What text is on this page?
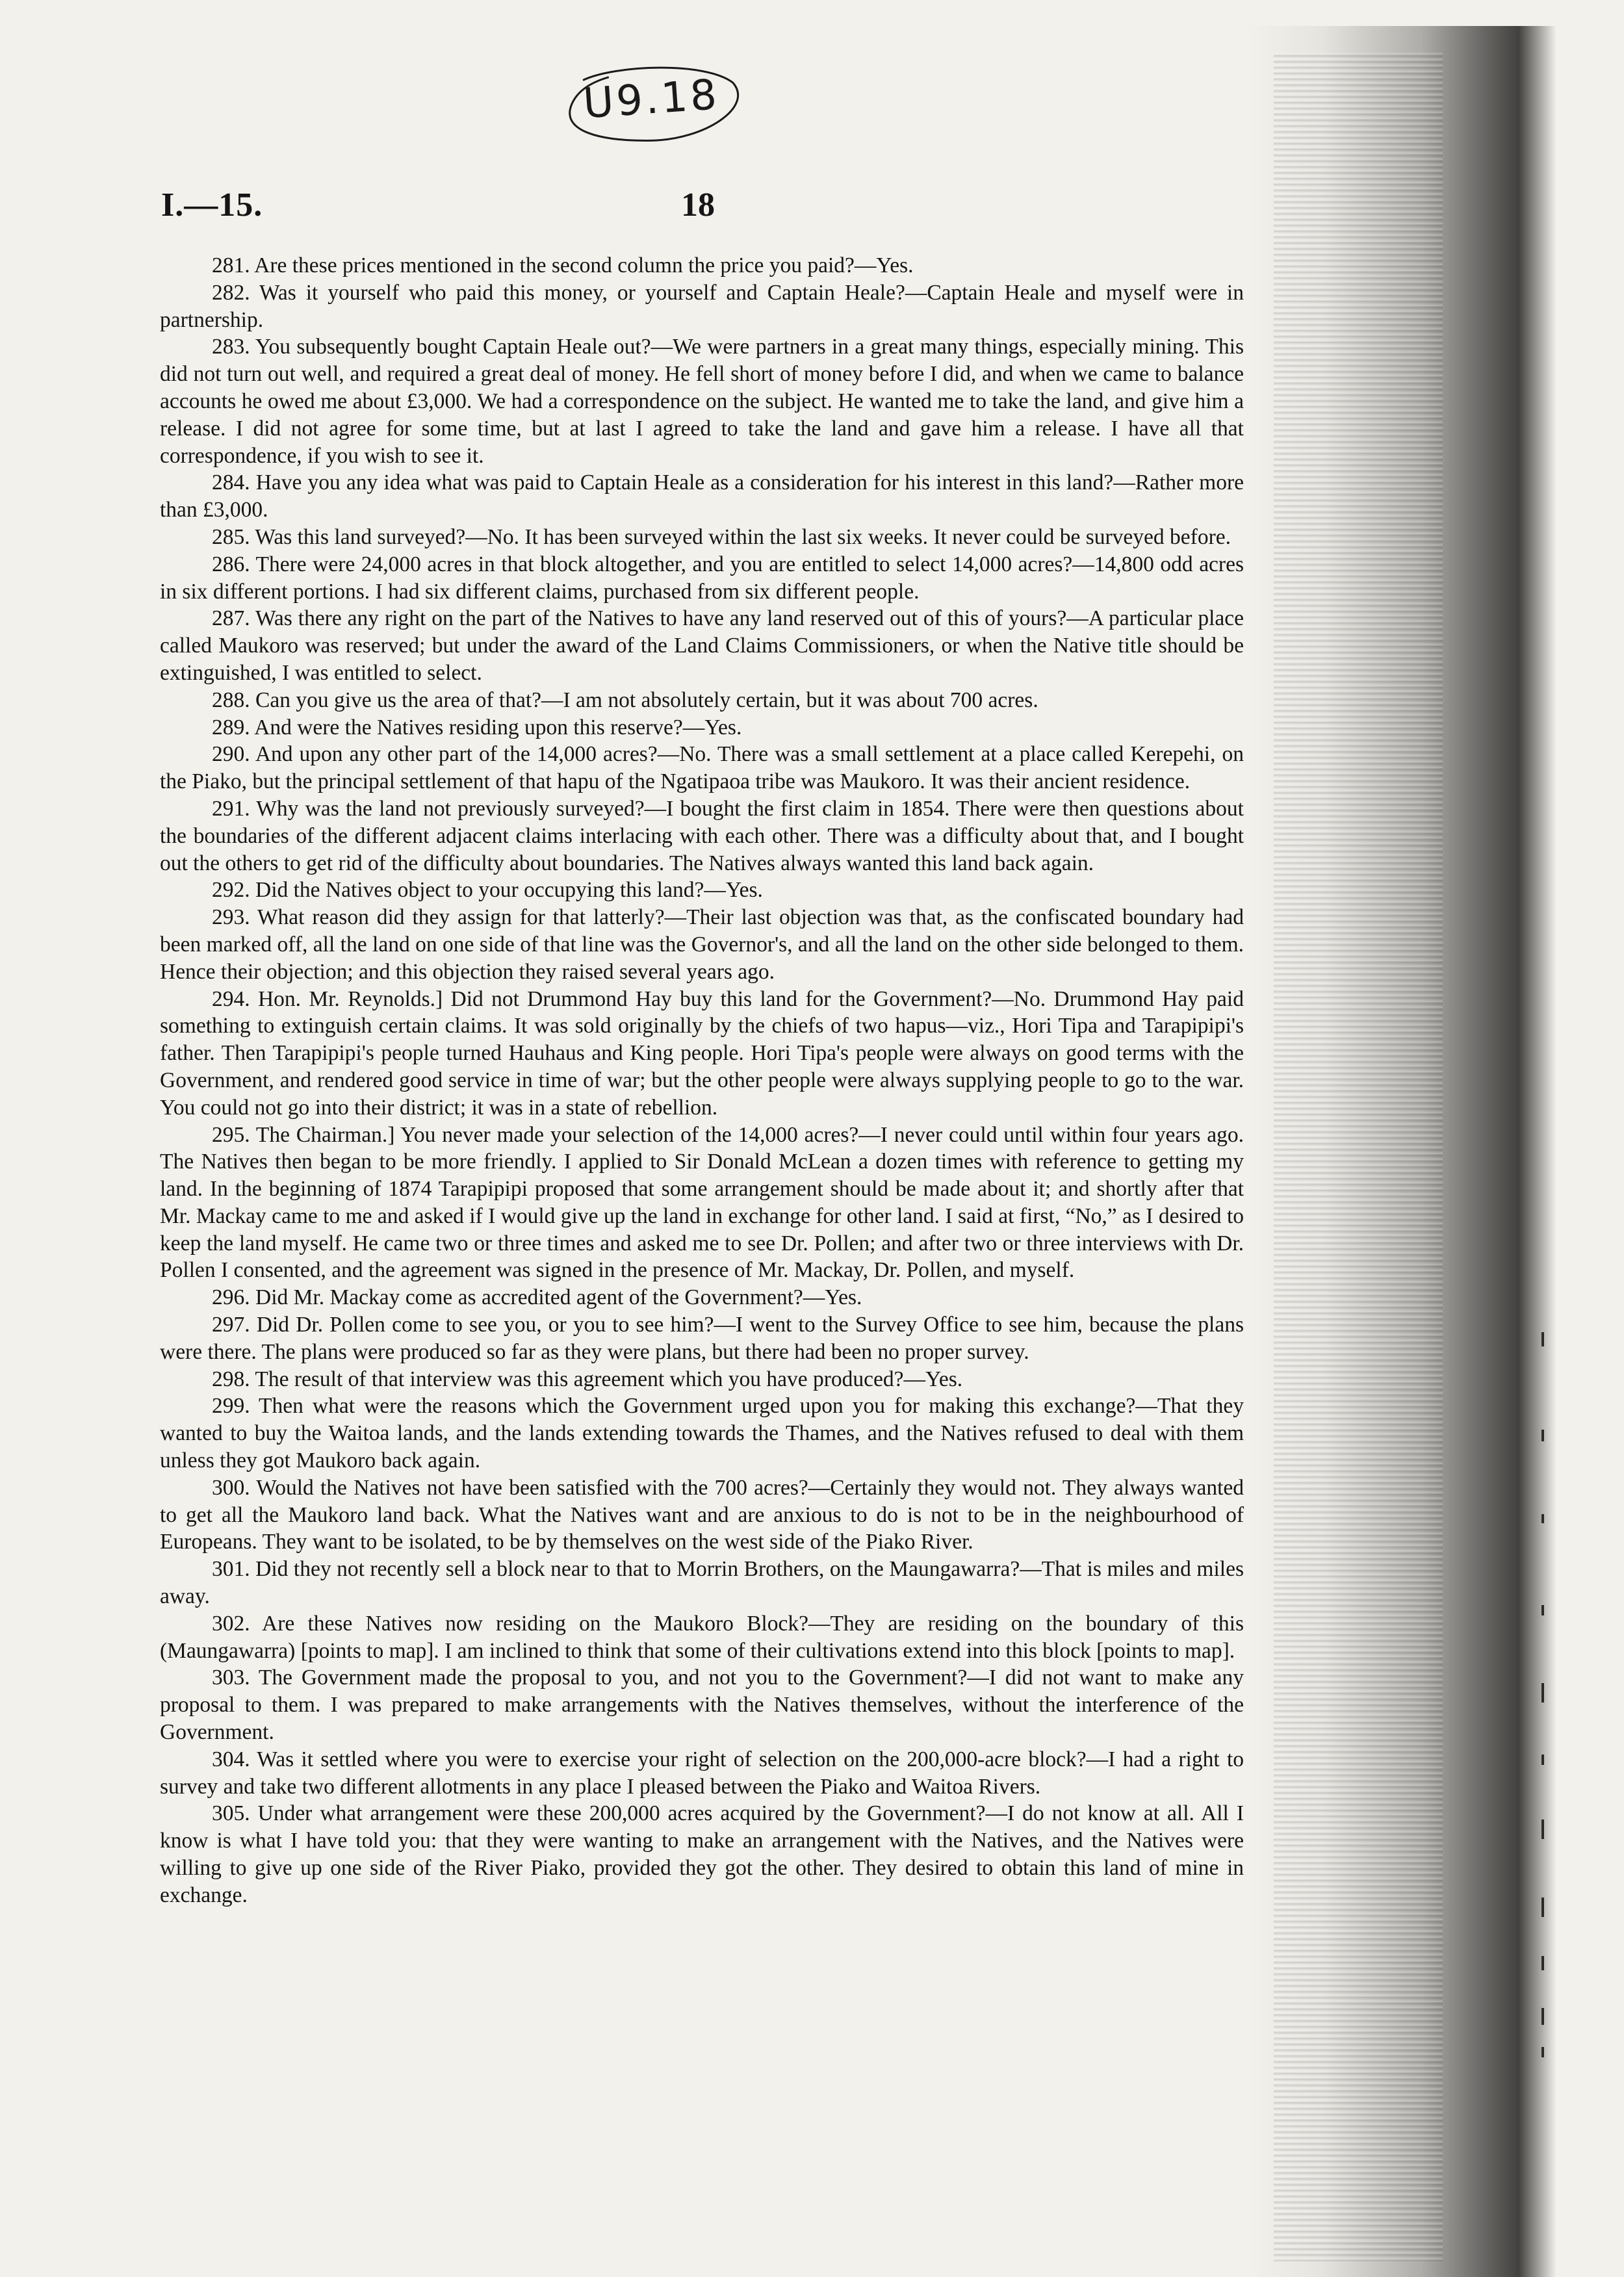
U9.18
I.—15.	18

281. Are these prices mentioned in the second column the price you paid?—Yes.

282. Was it yourself who paid this money, or yourself and Captain Heale?—Captain Heale and myself were in partnership.

283. You subsequently bought Captain Heale out?—We were partners in a great many things, especially mining. This did not turn out well, and required a great deal of money. He fell short of money before I did, and when we came to balance accounts he owed me about £3,000. We had a correspondence on the subject. He wanted me to take the land, and give him a release. I did not agree for some time, but at last I agreed to take the land and gave him a release. I have all that correspondence, if you wish to see it.

284. Have you any idea what was paid to Captain Heale as a consideration for his interest in this land?—Rather more than £3,000.

285. Was this land surveyed?—No. It has been surveyed within the last six weeks. It never could be surveyed before.

286. There were 24,000 acres in that block altogether, and you are entitled to select 14,000 acres?—14,800 odd acres in six different portions. I had six different claims, purchased from six different people.

287. Was there any right on the part of the Natives to have any land reserved out of this of yours?—A particular place called Maukoro was reserved; but under the award of the Land Claims Commissioners, or when the Native title should be extinguished, I was entitled to select.

288. Can you give us the area of that?—I am not absolutely certain, but it was about 700 acres.

289. And were the Natives residing upon this reserve?—Yes.

290. And upon any other part of the 14,000 acres?—No. There was a small settlement at a place called Kerepehi, on the Piako, but the principal settlement of that hapu of the Ngatipaoa tribe was Maukoro. It was their ancient residence.

291. Why was the land not previously surveyed?—I bought the first claim in 1854. There were then questions about the boundaries of the different adjacent claims interlacing with each other. There was a difficulty about that, and I bought out the others to get rid of the difficulty about boundaries. The Natives always wanted this land back again.

292. Did the Natives object to your occupying this land?—Yes.

293. What reason did they assign for that latterly?—Their last objection was that, as the confiscated boundary had been marked off, all the land on one side of that line was the Governor's, and all the land on the other side belonged to them. Hence their objection; and this objection they raised several years ago.

294. Hon. Mr. Reynolds.] Did not Drummond Hay buy this land for the Government?—No. Drummond Hay paid something to extinguish certain claims. It was sold originally by the chiefs of two hapus—viz., Hori Tipa and Tarapipipi's father. Then Tarapipipi's people turned Hauhaus and King people. Hori Tipa's people were always on good terms with the Government, and rendered good service in time of war; but the other people were always supplying people to go to the war. You could not go into their district; it was in a state of rebellion.

295. The Chairman.] You never made your selection of the 14,000 acres?—I never could until within four years ago. The Natives then began to be more friendly. I applied to Sir Donald McLean a dozen times with reference to getting my land. In the beginning of 1874 Tarapipipi proposed that some arrangement should be made about it; and shortly after that Mr. Mackay came to me and asked if I would give up the land in exchange for other land. I said at first, “No,” as I desired to keep the land myself. He came two or three times and asked me to see Dr. Pollen; and after two or three interviews with Dr. Pollen I consented, and the agreement was signed in the presence of Mr. Mackay, Dr. Pollen, and myself.

296. Did Mr. Mackay come as accredited agent of the Government?—Yes.

297. Did Dr. Pollen come to see you, or you to see him?—I went to the Survey Office to see him, because the plans were there. The plans were produced so far as they were plans, but there had been no proper survey.

298. The result of that interview was this agreement which you have produced?—Yes.

299. Then what were the reasons which the Government urged upon you for making this exchange?—That they wanted to buy the Waitoa lands, and the lands extending towards the Thames, and the Natives refused to deal with them unless they got Maukoro back again.

300. Would the Natives not have been satisfied with the 700 acres?—Certainly they would not. They always wanted to get all the Maukoro land back. What the Natives want and are anxious to do is not to be in the neighbourhood of Europeans. They want to be isolated, to be by themselves on the west side of the Piako River.

301. Did they not recently sell a block near to that to Morrin Brothers, on the Maungawarra?—That is miles and miles away.

302. Are these Natives now residing on the Maukoro Block?—They are residing on the boundary of this (Maungawarra) [points to map]. I am inclined to think that some of their cultivations extend into this block [points to map].

303. The Government made the proposal to you, and not you to the Government?—I did not want to make any proposal to them. I was prepared to make arrangements with the Natives themselves, without the interference of the Government.

304. Was it settled where you were to exercise your right of selection on the 200,000-acre block?—I had a right to survey and take two different allotments in any place I pleased between the Piako and Waitoa Rivers.

305. Under what arrangement were these 200,000 acres acquired by the Government?—I do not know at all. All I know is what I have told you: that they were wanting to make an arrangement with the Natives, and the Natives were willing to give up one side of the River Piako, provided they got the other. They desired to obtain this land of mine in exchange.
